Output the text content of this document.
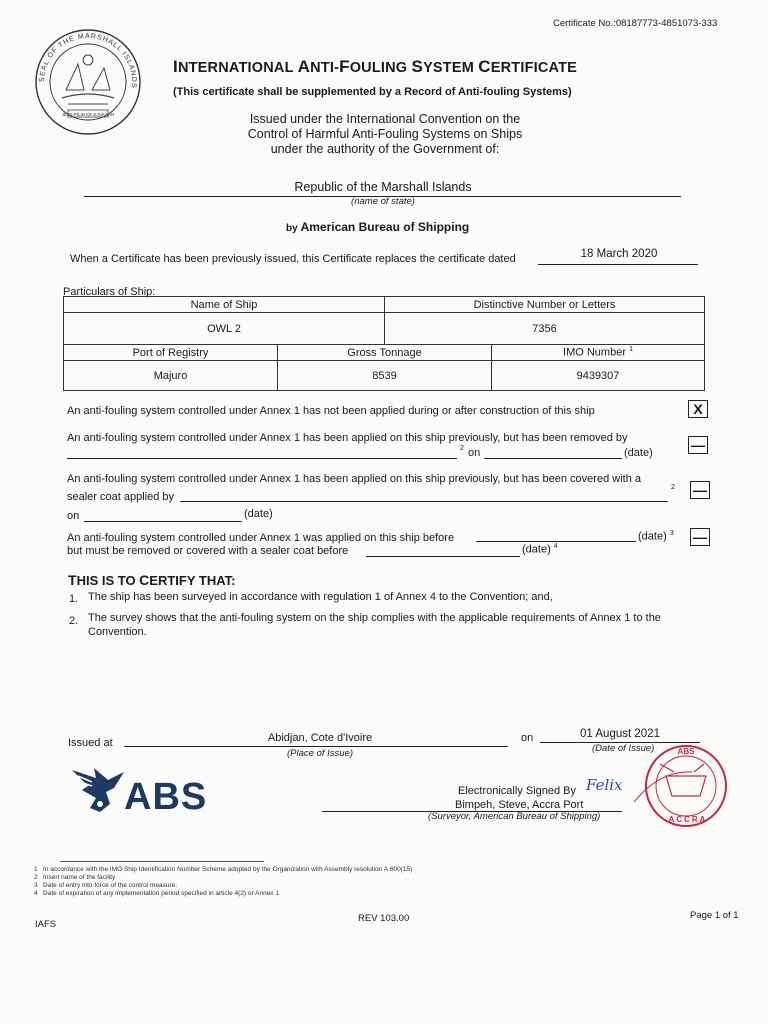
Certificate No.:08187773-4851073-333
SEAL OF THE MARSHALL ISLANDS
JEPILPILIN KE EJUKAAN
INTERNATIONAL ANTI-FOULING SYSTEM CERTIFICATE
(This certificate shall be supplemented by a Record of Anti-fouling Systems)
Issued under the International Convention on the
Control of Harmful Anti-Fouling Systems on Ships
under the authority of the Government of:
Republic of the Marshall Islands
(name of state)
by American Bureau of Shipping
When a Certificate has been previously issued, this Certificate replaces the certificate dated	18 March 2020
Particulars of Ship:
Name of Ship	Distinctive Number or Letters
OWL 2	7356
Port of Registry	Gross Tonnage	IMO Number $^1$
Majuro	8539	9439307
An anti-fouling system controlled under Annex 1 has not been applied during or after construction of this ship	X
An anti-fouling system controlled under Annex 1 has been applied on this ship previously, but has been removed by
2 on	(date)	—
An anti-fouling system controlled under Annex 1 has been applied on this ship previously, but has been covered with a
sealer coat applied by
2
on	(date)
—
An anti-fouling system controlled under Annex 1 was applied on this ship before	(date) $^3$
but must be removed or covered with a sealer coat before	(date) $^4$
—
THIS IS TO CERTIFY THAT:
1. The ship has been surveyed in accordance with regulation 1 of Annex 4 to the Convention; and,
2. The survey shows that the anti-fouling system on the ship complies with the applicable requirements of Annex 1 to the
Convention.
Issued at	Abidjan, Cote d'Ivoire
(Place of Issue)
on	01 August 2021
(Date of Issue)
ABS	Electronically Signed By Felix
Bimpeh, Steve, Accra Port
(Surveyor, American Bureau of Shipping)
ABS
ACCRA
1 In accordance with the IMO Ship Identification Number Scheme adopted by the Organization with Assembly resolution A.600(15)
2 Insert name of the facility
3 Date of entry into force of the control measure.
4 Date of expiration of any implementation period specified in article 4(2) or Annex 1.
IAFS
REV 103.00	Page 1 of 1
